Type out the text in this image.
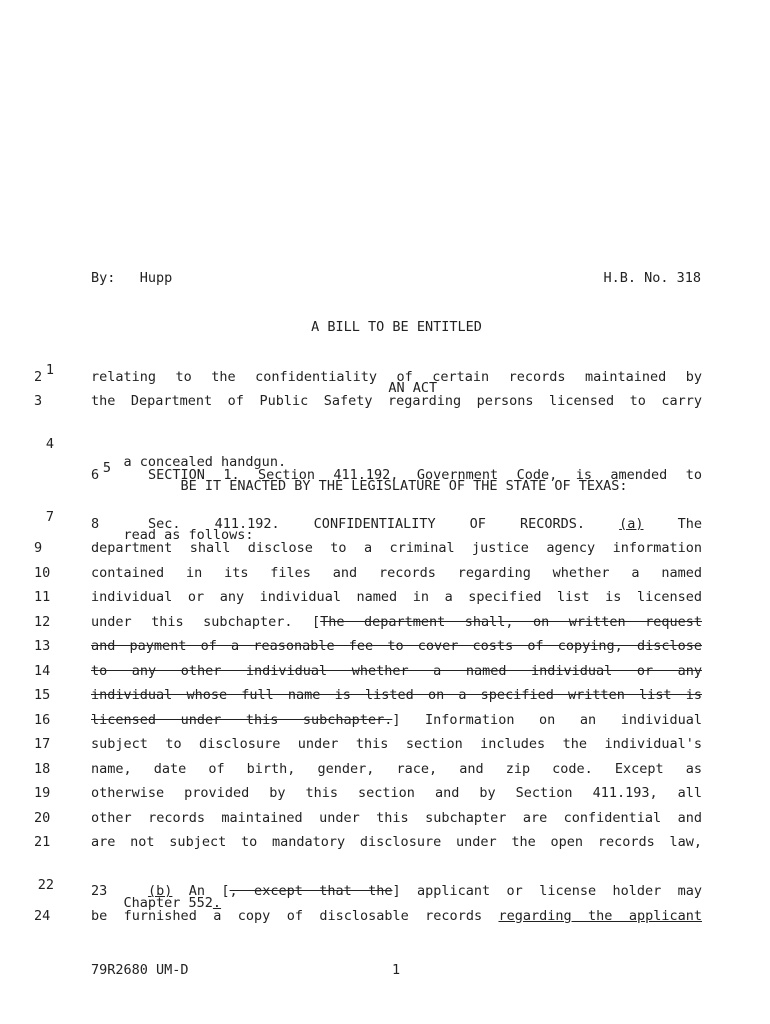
By: Hupp	H.B. No. 318
A BILL TO BE ENTITLED

1

AN ACT

2	relating to the confidentiality of certain records maintained by
3	the Department of Public Safety regarding persons licensed to carry

4

a concealed handgun.

5

BE IT ENACTED BY THE LEGISLATURE OF THE STATE OF TEXAS:

6	SECTION 1. Section 411.192, Government Code, is amended to

7

read as follows:

8	Sec. 411.192. CONFIDENTIALITY OF RECORDS.	(a)	The
9	department shall disclose to a criminal justice agency information
10	contained in its files and records regarding whether a named
11	individual or any individual named in a specified list is licensed
12	under this subchapter. [The department shall, on written request
13	and payment of a reasonable fee to cover costs of copying, disclose
14	to any other individual whether a named individual or any
15	individual whose full name is listed on a specified written list is
16	licensed under this subchapter.] Information on an individual
17	subject to disclosure under this section includes the individual's
18	name, date of birth, gender, race, and zip code. Except as
19	otherwise provided by this section and by Section 411.193, all
20	other records maintained under this subchapter are confidential and
21	are not subject to mandatory disclosure under the open records law,

22

Chapter 552.

23	(b) An [, except that the] applicant or license holder may
24	be furnished a copy of disclosable records regarding the applicant
79R2680 UM-D	1
